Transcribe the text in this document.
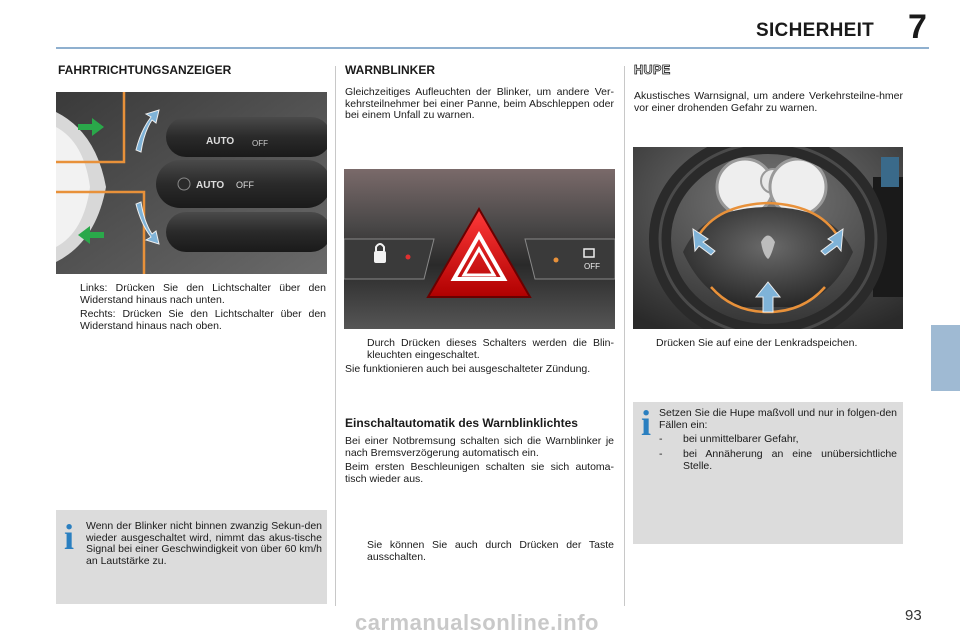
SICHERHEIT 7
FAHRTRICHTUNGSANZEIGER
AUTO
AUTO OFF
OFF
Links: Drücken Sie den Lichtschalter über den Widerstand hinaus nach unten.
Rechts: Drücken Sie den Lichtschalter über den Widerstand hinaus nach oben.
i Wenn der Blinker nicht binnen zwanzig Sekun-den wieder ausgeschaltet wird, nimmt das akus-tische Signal bei einer Geschwindigkeit von über 60 km/h an Lautstärke zu.
WARNBLINKER
Gleichzeitiges Aufleuchten der Blinker, um andere Ver-kehrsteilnehmer bei einer Panne, beim Abschleppen oder bei einem Unfall zu warnen.
OFF
Durch Drücken dieses Schalters werden die Blin-kleuchten eingeschaltet.
Sie funktionieren auch bei ausgeschalteter Zündung.
Einschaltautomatik des Warnblinklichtes
Bei einer Notbremsung schalten sich die Warnblinker je nach Bremsverzögerung automatisch ein.
Beim ersten Beschleunigen schalten sie sich automa-tisch wieder aus.
Sie können Sie auch durch Drücken der Taste ausschalten.
HUPE
Akustisches Warnsignal, um andere Verkehrsteilne-hmer vor einer drohenden Gefahr zu warnen.
Drücken Sie auf eine der Lenkradspeichen.
i Setzen Sie die Hupe maßvoll und nur in folgen-den Fällen ein:
- bei unmittelbarer Gefahr,
- bei Annäherung an eine unübersichtliche Stelle.
93
carmanualsonline.info
